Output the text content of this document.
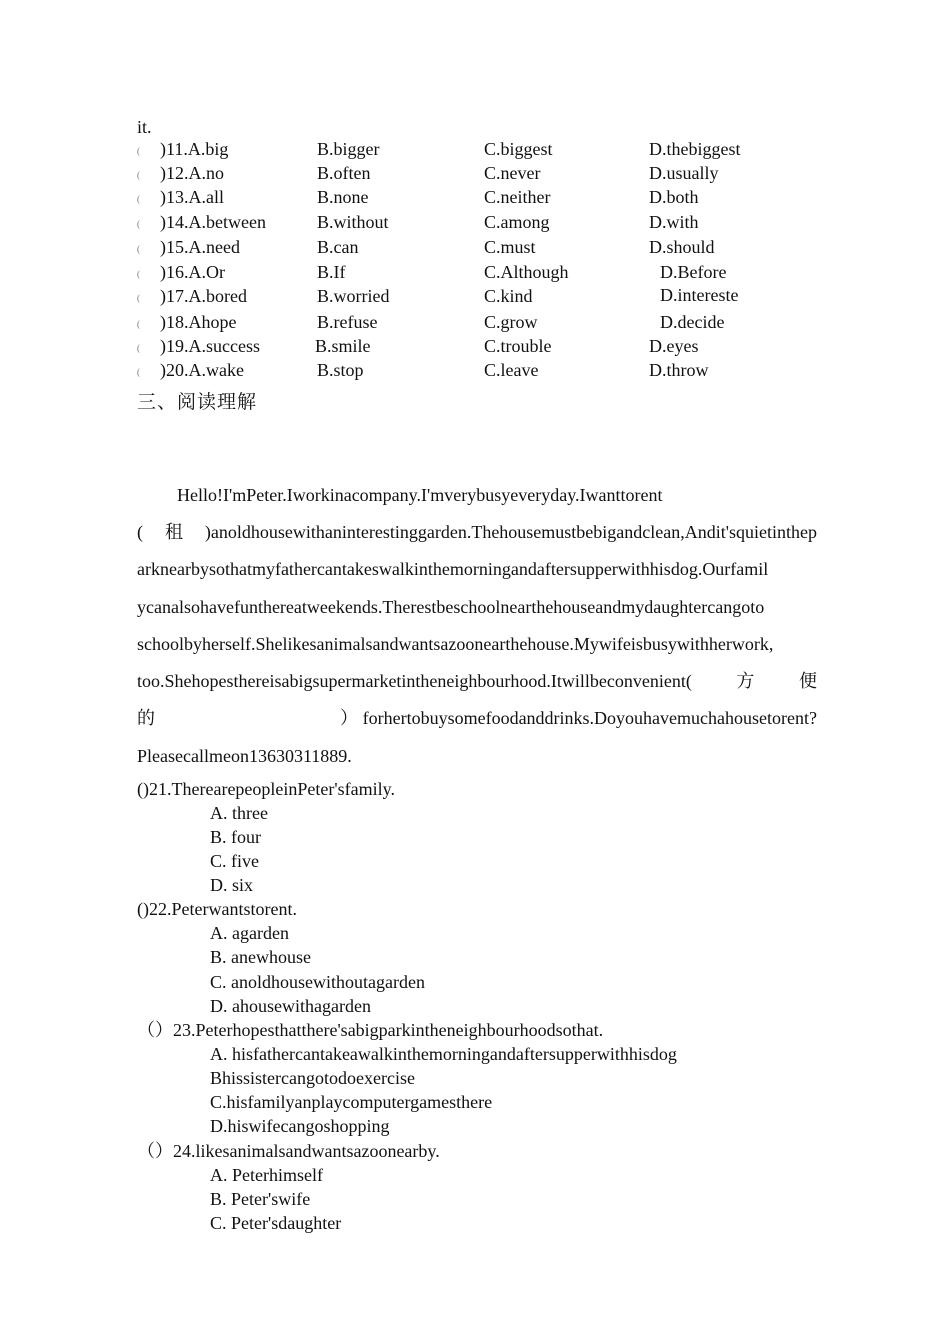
it.
( )11.A.big	B.bigger	C.biggest	D.thebiggest
( )12.A.no	B.often	C.never	D.usually
( )13.A.all	B.none	C.neither	D.both
( )14.A.between	B.without	C.among	D.with
( )15.A.need	B.can	C.must	D.should
( )16.A.Or	B.If	C.Although	D.Before
( )17.A.bored	B.worried	C.kind	D.intereste
( )18.Ahope	B.refuse	C.grow	D.decide
( )19.A.success	B.smile	C.trouble	D.eyes
( )20.A.wake	B.stop	C.leave	D.throw
三、阅读理解
Hello!I'mPeter.Iworkinacompany.I'mverybusyeveryday.Iwanttorent
(租)anoldhousewithaninterestinggarden.Thehousemustbebigandclean,Andit'squietinthep
arknearbysothatmyfathercantakeswalkinthemorningandaftersupperwithhisdog.Ourfamil
ycanalsohavefunthereatweekends.Therestbeschoolnearthehouseandmydaughtercangoto
schoolbyherself.Shelikesanimalsandwantsazoonearthehouse.Mywifeisbusywithherwork,
too.Shehopesthereisabigsupermarketintheneighbourhood.Itwillbeconvenient(　方　便
的　　　　　　　　）forhertobuysomefoodanddrinks.Doyouhavemuchahousetorent?
Pleasecallmeon13630311889.
()21.TherearepeopleinPeter'sfamily.
A. three
B. four
C. five
D. six
()22.Peterwantstorent.
A. agarden
B. anewhouse
C. anoldhousewithoutagarden
D. ahousewithagarden
（）23.Peterhopesthatthere'sabigparkintheneighbourhoodsothat.
A. hisfathercantakeawalkinthemorningandaftersupperwithhisdog
Bhissistercangotodoexercise
C.hisfamilyanplaycomputergamesthere
D.hiswifecangoshopping
（）24.likesanimalsandwantsazoonearby.
A. Peterhimself
B. Peter'swife
C. Peter'sdaughter
